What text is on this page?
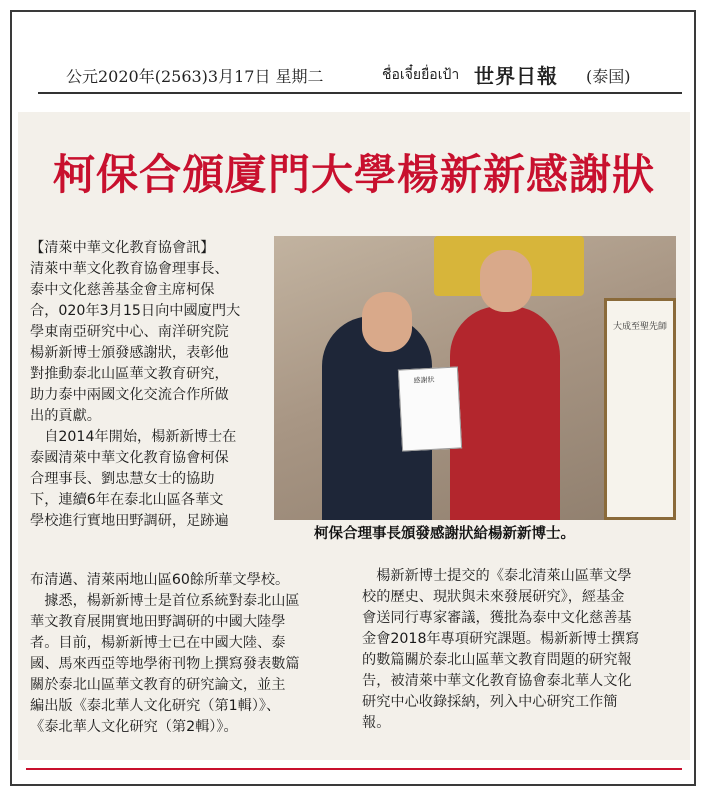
公元2020年(2563)3月17日 星期二	ชื่อเจี๋ยยื่อเป้า 世界日報 (泰国)
柯保合頒廈門大學楊新新感謝狀
【清萊中華文化教育協會訊】
清萊中華文化教育協會理事長、
泰中文化慈善基金會主席柯保
合，020年3月15日向中國廈門大
學東南亞研究中心、南洋研究院
楊新新博士頒發感謝狀，表彰他
對推動泰北山區華文教育研究，
助力泰中兩國文化交流合作所做
出的貢獻。
　自2014年開始，楊新新博士在
泰國清萊中華文化教育協會柯保
合理事長、劉忠慧女士的協助
下，連續6年在泰北山區各華文
學校進行實地田野調研，足跡遍
大成至聖先師
感謝狀
柯保合理事長頒發感謝狀給楊新新博士。
布清邁、清萊兩地山區60餘所華文學校。
　據悉，楊新新博士是首位系統對泰北山區
華文教育展開實地田野調研的中國大陸學
者。目前，楊新新博士已在中國大陸、泰
國、馬來西亞等地學術刊物上撰寫發表數篇
關於泰北山區華文教育的研究論文，並主
編出版《泰北華人文化研究（第1輯）》、
《泰北華人文化研究（第2輯）》。
　楊新新博士提交的《泰北清萊山區華文學
校的歷史、現狀與未來發展研究》，經基金
會送同行專家審議，獲批為泰中文化慈善基
金會2018年專項研究課題。楊新新博士撰寫
的數篇關於泰北山區華文教育問題的研究報
告，被清萊中華文化教育協會泰北華人文化
研究中心收錄採納，列入中心研究工作簡
報。
